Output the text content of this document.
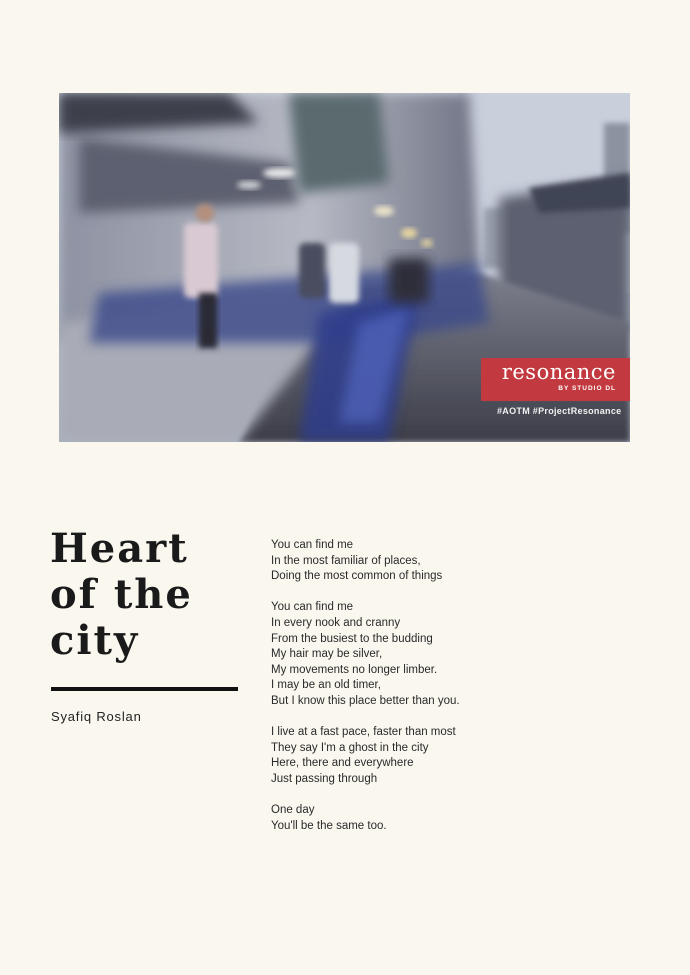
resonance
BY STUDIO DL
#AOTM #ProjectResonance
Heart
of the
city
Syafiq Roslan
You can find me
In the most familiar of places,
Doing the most common of things
You can find me
In every nook and cranny
From the busiest to the budding
My hair may be silver,
My movements no longer limber.
I may be an old timer,
But I know this place better than you.
I live at a fast pace, faster than most
They say I'm a ghost in the city
Here, there and everywhere
Just passing through
One day
You'll be the same too.
